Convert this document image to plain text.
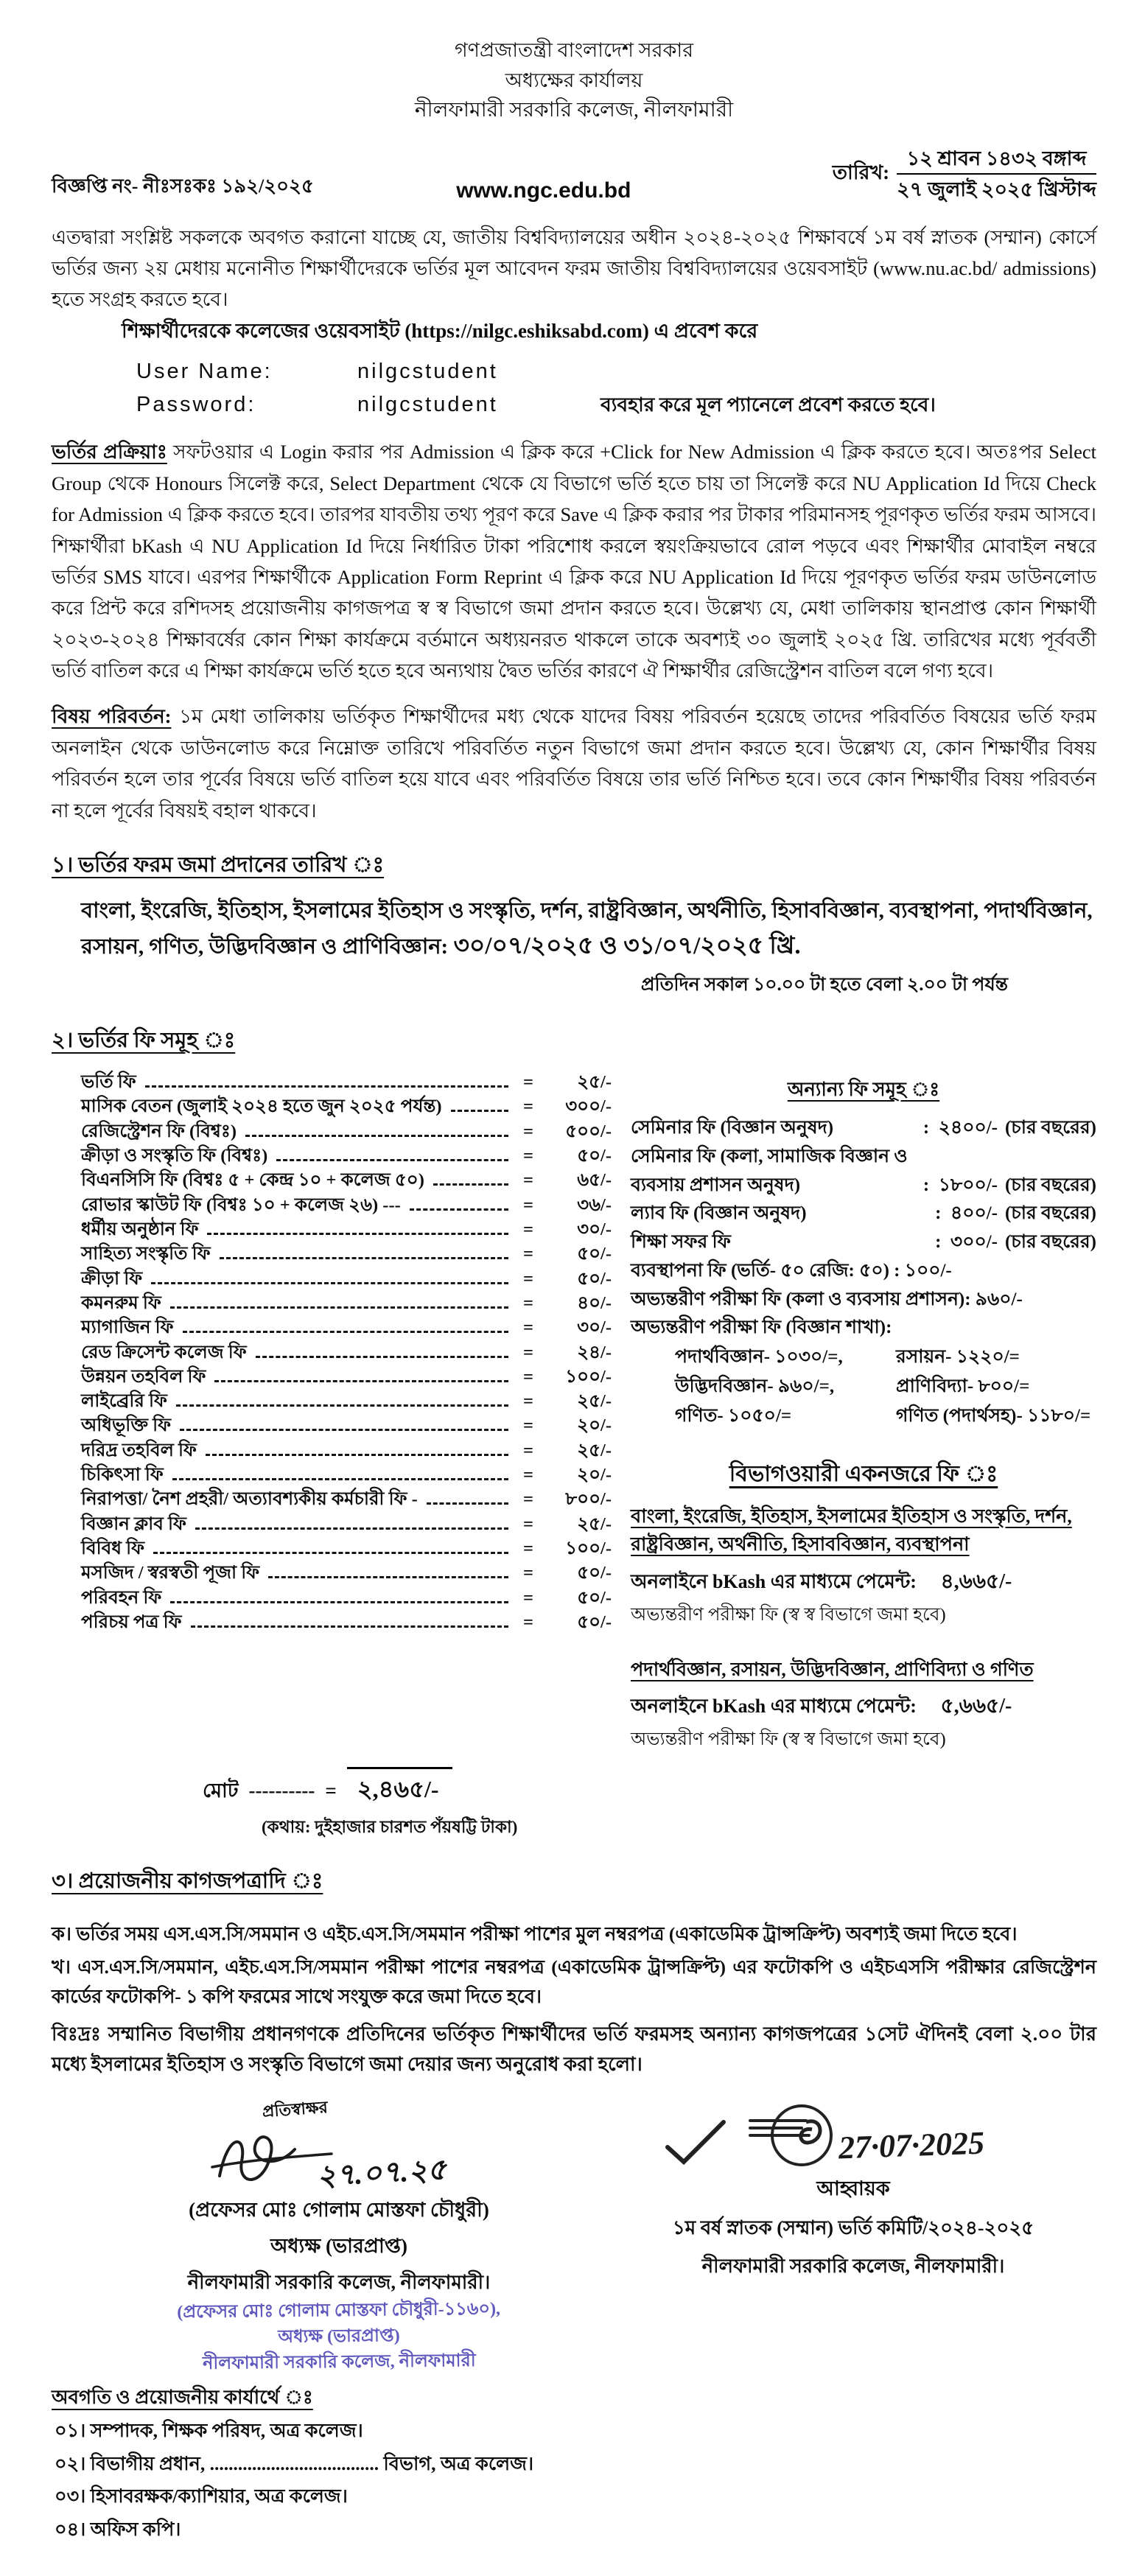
গণপ্রজাতন্ত্রী বাংলাদেশ সরকার
অধ্যক্ষের কার্যালয়
নীলফামারী সরকারি কলেজ, নীলফামারী
বিজ্ঞপ্তি নং- নীঃসঃকঃ ১৯২/২০২৫	www.ngc.edu.bd
তারিখ: $\frac{\text{১২ শ্রাবন ১৪৩২ বঙ্গাব্দ}}{\text{২৭ জুলাই ২০২৫ খ্রিস্টাব্দ}}$
এতদ্বারা সংশ্লিষ্ট সকলকে অবগত করানো যাচ্ছে যে, জাতীয় বিশ্ববিদ্যালয়ের অধীন ২০২৪-২০২৫ শিক্ষাবর্ষে ১ম বর্ষ স্নাতক (সম্মান) কোর্সে ভর্তির জন্য ২য় মেধায় মনোনীত শিক্ষার্থীদেরকে ভর্তির মূল আবেদন ফরম জাতীয় বিশ্ববিদ্যালয়ের ওয়েবসাইট (www.nu.ac.bd/ admissions) হতে সংগ্রহ করতে হবে।
শিক্ষার্থীদেরকে কলেজের ওয়েবসাইট (https://nilgc.eshiksabd.com) এ প্রবেশ করে
User Name:	nilgcstudent
Password:	nilgcstudent	ব্যবহার করে মূল প্যানেলে প্রবেশ করতে হবে।
ভর্তির প্রক্রিয়াঃ সফটওয়ার এ Login করার পর Admission এ ক্লিক করে +Click for New Admission এ ক্লিক করতে হবে। অতঃপর Select Group থেকে Honours সিলেক্ট করে, Select Department থেকে যে বিভাগে ভর্তি হতে চায় তা সিলেক্ট করে NU Application Id দিয়ে Check for Admission এ ক্লিক করতে হবে। তারপর যাবতীয় তথ্য পূরণ করে Save এ ক্লিক করার পর টাকার পরিমানসহ পূরণকৃত ভর্তির ফরম আসবে। শিক্ষার্থীরা bKash এ NU Application Id দিয়ে নির্ধারিত টাকা পরিশোধ করলে স্বয়ংক্রিয়ভাবে রোল পড়বে এবং শিক্ষার্থীর মোবাইল নম্বরে ভর্তির SMS যাবে। এরপর শিক্ষার্থীকে Application Form Reprint এ ক্লিক করে NU Application Id দিয়ে পূরণকৃত ভর্তির ফরম ডাউনলোড করে প্রিন্ট করে রশিদসহ প্রয়োজনীয় কাগজপত্র স্ব স্ব বিভাগে জমা প্রদান করতে হবে। উল্লেখ্য যে, মেধা তালিকায় স্থানপ্রাপ্ত কোন শিক্ষার্থী ২০২৩-২০২৪ শিক্ষাবর্ষের কোন শিক্ষা কার্যক্রমে বর্তমানে অধ্যয়নরত থাকলে তাকে অবশ্যই ৩০ জুলাই ২০২৫ খ্রি. তারিখের মধ্যে পূর্ববর্তী ভর্তি বাতিল করে এ শিক্ষা কার্যক্রমে ভর্তি হতে হবে অন্যথায় দ্বৈত ভর্তির কারণে ঐ শিক্ষার্থীর রেজিস্ট্রেশন বাতিল বলে গণ্য হবে।
বিষয় পরিবর্তন: ১ম মেধা তালিকায় ভর্তিকৃত শিক্ষার্থীদের মধ্য থেকে যাদের বিষয় পরিবর্তন হয়েছে তাদের পরিবর্তিত বিষয়ের ভর্তি ফরম অনলাইন থেকে ডাউনলোড করে নিম্নোক্ত তারিখে পরিবর্তিত নতুন বিভাগে জমা প্রদান করতে হবে। উল্লেখ্য যে, কোন শিক্ষার্থীর বিষয় পরিবর্তন হলে তার পূর্বের বিষয়ে ভর্তি বাতিল হয়ে যাবে এবং পরিবর্তিত বিষয়ে তার ভর্তি নিশ্চিত হবে। তবে কোন শিক্ষার্থীর বিষয় পরিবর্তন না হলে পূর্বের বিষয়ই বহাল থাকবে।
১। ভর্তির ফরম জমা প্রদানের তারিখ ঃ
বাংলা, ইংরেজি, ইতিহাস, ইসলামের ইতিহাস ও সংস্কৃতি, দর্শন, রাষ্ট্রবিজ্ঞান, অর্থনীতি, হিসাববিজ্ঞান, ব্যবস্থাপনা, পদার্থবিজ্ঞান, রসায়ন, গণিত, উদ্ভিদবিজ্ঞান ও প্রাণিবিজ্ঞান: ৩০/০৭/২০২৫ ও ৩১/০৭/২০২৫ খ্রি.
প্রতিদিন সকাল ১০.০০ টা হতে বেলা ২.০০ টা পর্যন্ত
২। ভর্তির ফি সমূহ ঃ
ভর্তি ফি	=	২৫/-
মাসিক বেতন (জুলাই ২০২৪ হতে জুন ২০২৫ পর্যন্ত)	=	৩০০/-
রেজিস্ট্রেশন ফি (বিশ্বঃ)	=	৫০০/-
ক্রীড়া ও সংস্কৃতি ফি (বিশ্বঃ)	=	৫০/-
বিএনসিসি ফি (বিশ্বঃ ৫ + কেন্দ্র ১০ + কলেজ ৫০)	=	৬৫/-
রোভার স্কাউট ফি (বিশ্বঃ ১০ + কলেজ ২৬) ---	=	৩৬/-
ধর্মীয় অনুষ্ঠান ফি	=	৩০/-
সাহিত্য সংস্কৃতি ফি	=	৫০/-
ক্রীড়া ফি	=	৫০/-
কমনরুম ফি	=	৪০/-
ম্যাগাজিন ফি	=	৩০/-
রেড ক্রিসেন্ট কলেজ ফি	=	২৪/-
উন্নয়ন তহবিল ফি	=	১০০/-
লাইব্রেরি ফি	=	২৫/-
অধিভূক্তি ফি	=	২০/-
দরিদ্র তহবিল ফি	=	২৫/-
চিকিৎসা ফি	=	২০/-
নিরাপত্তা/ নৈশ প্রহরী/ অত্যাবশ্যকীয় কর্মচারী ফি -	=	৮০০/-
বিজ্ঞান ক্লাব ফি	=	২৫/-
বিবিধ ফি	=	১০০/-
মসজিদ / স্বরস্বতী পূজা ফি	=	৫০/-
পরিবহন ফি	=	৫০/-
পরিচয় পত্র ফি	=	৫০/-
অন্যান্য ফি সমূহ ঃ
সেমিনার ফি (বিজ্ঞান অনুষদ)	:  ২৪০০/- (চার বছরের)
সেমিনার ফি (কলা, সামাজিক বিজ্ঞান ও
ব্যবসায় প্রশাসন অনুষদ)	:  ১৮০০/- (চার বছরের)
ল্যাব ফি (বিজ্ঞান অনুষদ)	:  ৪০০/- (চার বছরের)
শিক্ষা সফর ফি	:  ৩০০/- (চার বছরের)
ব্যবস্থাপনা ফি (ভর্তি- ৫০ রেজি: ৫০) : ১০০/-
অভ্যন্তরীণ পরীক্ষা ফি (কলা ও ব্যবসায় প্রশাসন): ৯৬০/-
অভ্যন্তরীণ পরীক্ষা ফি (বিজ্ঞান শাখা):
পদার্থবিজ্ঞান- ১০৩০/=,	রসায়ন- ১২২০/=
উদ্ভিদবিজ্ঞান- ৯৬০/=,	প্রাণিবিদ্যা- ৮০০/=
গণিত- ১০৫০/=	গণিত (পদার্থসহ)- ১১৮০/=
বিভাগওয়ারী একনজরে ফি ঃ
বাংলা, ইংরেজি, ইতিহাস, ইসলামের ইতিহাস ও সংস্কৃতি, দর্শন, রাষ্ট্রবিজ্ঞান, অর্থনীতি, হিসাববিজ্ঞান, ব্যবস্থাপনা
অনলাইনে bKash এর মাধ্যমে পেমেন্ট: ৪,৬৬৫/-
অভ্যন্তরীণ পরীক্ষা ফি (স্ব স্ব বিভাগে জমা হবে)
পদার্থবিজ্ঞান, রসায়ন, উদ্ভিদবিজ্ঞান, প্রাণিবিদ্যা ও গণিত
অনলাইনে bKash এর মাধ্যমে পেমেন্ট: ৫,৬৬৫/-
অভ্যন্তরীণ পরীক্ষা ফি (স্ব স্ব বিভাগে জমা হবে)
মোট ---------- = ২,৪৬৫/-
(কথায়: দুইহাজার চারশত পঁয়ষট্টি টাকা)
৩। প্রয়োজনীয় কাগজপত্রাদি ঃ
ক। ভর্তির সময় এস.এস.সি/সমমান ও এইচ.এস.সি/সমমান পরীক্ষা পাশের মুল নম্বরপত্র (একাডেমিক ট্রান্সক্রিপ্ট) অবশ্যই জমা দিতে হবে।
খ। এস.এস.সি/সমমান, এইচ.এস.সি/সমমান পরীক্ষা পাশের নম্বরপত্র (একাডেমিক ট্রান্সক্রিপ্ট) এর ফটোকপি ও এইচএসসি পরীক্ষার রেজিস্ট্রেশন কার্ডের ফটোকপি- ১ কপি ফরমের সাথে সংযুক্ত করে জমা দিতে হবে।
বিঃদ্রঃ সম্মানিত বিভাগীয় প্রধানগণকে প্রতিদিনের ভর্তিকৃত শিক্ষার্থীদের ভর্তি ফরমসহ অন্যান্য কাগজপত্রের ১সেট ঐদিনই বেলা ২.০০ টার মধ্যে ইসলামের ইতিহাস ও সংস্কৃতি বিভাগে জমা দেয়ার জন্য অনুরোধ করা হলো।
প্রতিস্বাক্ষর
২৭.০৭.২৫
(প্রফেসর মোঃ গোলাম মোস্তফা চৌধুরী)
অধ্যক্ষ (ভারপ্রাপ্ত)
নীলফামারী সরকারি কলেজ, নীলফামারী।
(প্রফেসর মোঃ গোলাম মোস্তফা চৌধুরী-১১৬০),
অধ্যক্ষ (ভারপ্রাপ্ত)
নীলফামারী সরকারি কলেজ, নীলফামারী
27·07·2025
আহ্বায়ক
১ম বর্ষ স্নাতক (সম্মান) ভর্তি কমিটি/২০২৪-২০২৫
নীলফামারী সরকারি কলেজ, নীলফামারী।
অবগতি ও প্রয়োজনীয় কার্যার্থে ঃ
০১। সম্পাদক, শিক্ষক পরিষদ, অত্র কলেজ।
০২। বিভাগীয় প্রধান, .................................... বিভাগ, অত্র কলেজ।
০৩। হিসাবরক্ষক/ক্যাশিয়ার, অত্র কলেজ।
০৪। অফিস কপি।
